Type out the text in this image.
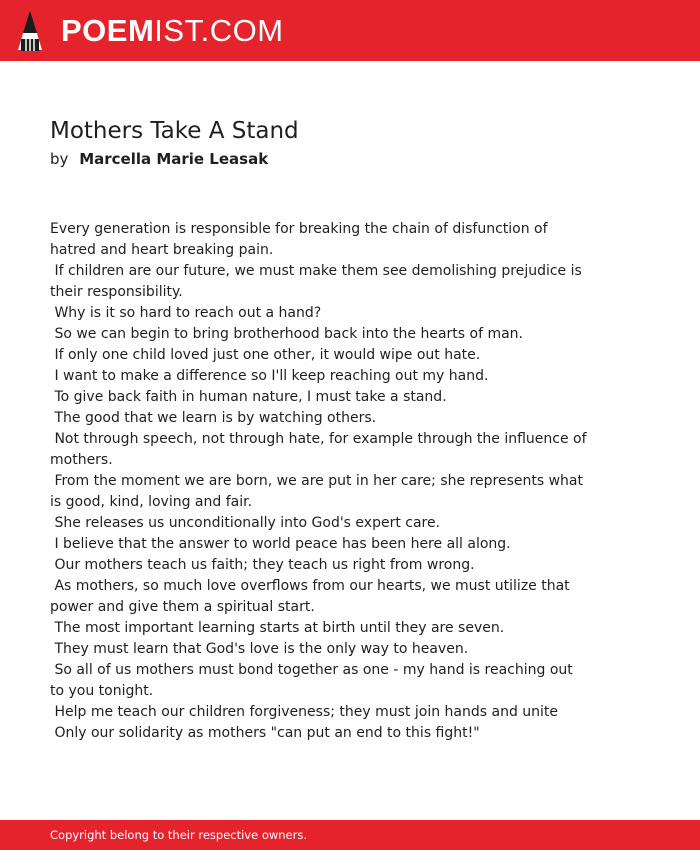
POEMIST.COM
Mothers Take A Stand
by Marcella Marie Leasak
Every generation is responsible for breaking the chain of disfunction of hatred and heart breaking pain.
If children are our future, we must make them see demolishing prejudice is their responsibility.
Why is it so hard to reach out a hand?
So we can begin to bring brotherhood back into the hearts of man.
If only one child loved just one other, it would wipe out hate.
I want to make a difference so I'll keep reaching out my hand.
To give back faith in human nature, I must take a stand.
The good that we learn is by watching others.
Not through speech, not through hate, for example through the influence of mothers.
From the moment we are born, we are put in her care; she represents what is good, kind, loving and fair.
She releases us unconditionally into God's expert care.
I believe that the answer to world peace has been here all along.
Our mothers teach us faith; they teach us right from wrong.
As mothers, so much love overflows from our hearts, we must utilize that power and give them a spiritual start.
The most important learning starts at birth until they are seven.
They must learn that God's love is the only way to heaven.
So all of us mothers must bond together as one - my hand is reaching out to you tonight.
Help me teach our children forgiveness; they must join hands and unite
Only our solidarity as mothers "can put an end to this fight!"
Copyright belong to their respective owners.
